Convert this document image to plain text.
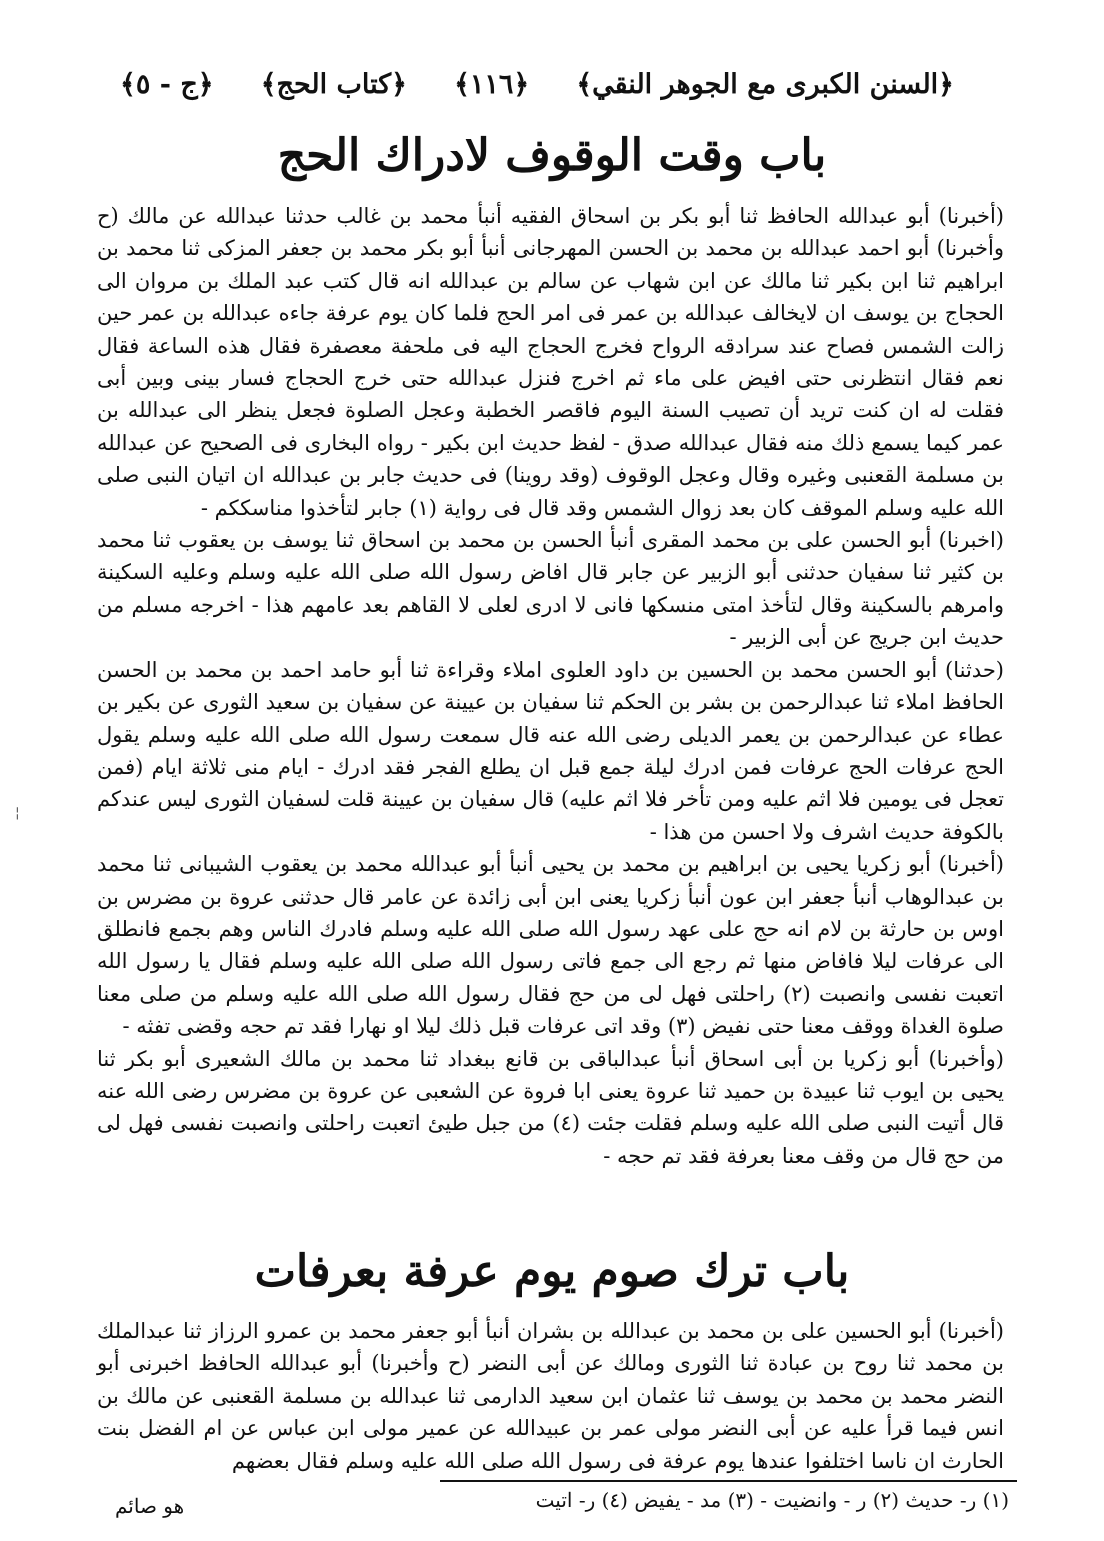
﴿السنن الكبرى مع الجوهر النقي﴾
﴿١١٦﴾
﴿كتاب الحج﴾
﴿ج - ٥﴾
باب وقت الوقوف لادراك الحج

(أخبرنا) أبو عبدالله الحافظ ثنا أبو بكر بن اسحاق الفقيه أنبأ محمد بن غالب حدثنا عبدالله عن مالك (ح وأخبرنا) أبو احمد عبدالله بن محمد بن الحسن المهرجانى أنبأ أبو بكر محمد بن جعفر المزكى ثنا محمد بن ابراهيم ثنا ابن بكير ثنا مالك عن ابن شهاب عن سالم بن عبدالله انه قال كتب عبد الملك بن مروان الى الحجاج بن يوسف ان لايخالف عبدالله بن عمر فى امر الحج فلما كان يوم عرفة جاءه عبدالله بن عمر حين زالت الشمس فصاح عند سرادقه الرواح فخرج الحجاج اليه فى ملحفة معصفرة فقال هذه الساعة فقال نعم فقال انتظرنى حتى افيض على ماء ثم اخرج فنزل عبدالله حتى خرج الحجاج فسار بينى وبين أبى فقلت له ان كنت تريد أن تصيب السنة اليوم فاقصر الخطبة وعجل الصلوة فجعل ينظر الى عبدالله بن عمر كيما يسمع ذلك منه فقال عبدالله صدق - لفظ حديث ابن بكير - رواه البخارى فى الصحيح عن عبدالله بن مسلمة القعنبى وغيره وقال وعجل الوقوف (وقد روينا) فى حديث جابر بن عبدالله ان اتيان النبى صلى الله عليه وسلم الموقف كان بعد زوال الشمس وقد قال فى رواية (١) جابر لتأخذوا مناسككم -

(اخبرنا) أبو الحسن على بن محمد المقرى أنبأ الحسن بن محمد بن اسحاق ثنا يوسف بن يعقوب ثنا محمد بن كثير ثنا سفيان حدثنى أبو الزبير عن جابر قال افاض رسول الله صلى الله عليه وسلم وعليه السكينة وامرهم بالسكينة وقال لتأخذ امتى منسكها فانى لا ادرى لعلى لا القاهم بعد عامهم هذا - اخرجه مسلم من حديث ابن جريج عن أبى الزبير -

(حدثنا) أبو الحسن محمد بن الحسين بن داود العلوى املاء وقراءة ثنا أبو حامد احمد بن محمد بن الحسن الحافظ املاء ثنا عبدالرحمن بن بشر بن الحكم ثنا سفيان بن عيينة عن سفيان بن سعيد الثورى عن بكير بن عطاء عن عبدالرحمن بن يعمر الديلى رضى الله عنه قال سمعت رسول الله صلى الله عليه وسلم يقول الحج عرفات الحج عرفات فمن ادرك ليلة جمع قبل ان يطلع الفجر فقد ادرك - ايام منى ثلاثة ايام (فمن تعجل فى يومين فلا اثم عليه ومن تأخر فلا اثم عليه) قال سفيان بن عيينة قلت لسفيان الثورى ليس عندكم بالكوفة حديث اشرف ولا احسن من هذا -

(أخبرنا) أبو زكريا يحيى بن ابراهيم بن محمد بن يحيى أنبأ أبو عبدالله محمد بن يعقوب الشيبانى ثنا محمد بن عبدالوهاب أنبأ جعفر ابن عون أنبأ زكريا يعنى ابن أبى زائدة عن عامر قال حدثنى عروة بن مضرس بن اوس بن حارثة بن لام انه حج على عهد رسول الله صلى الله عليه وسلم فادرك الناس وهم بجمع فانطلق الى عرفات ليلا فافاض منها ثم رجع الى جمع فاتى رسول الله صلى الله عليه وسلم فقال يا رسول الله اتعبت نفسى وانصبت (٢) راحلتى فهل لى من حج فقال رسول الله صلى الله عليه وسلم من صلى معنا صلوة الغداة ووقف معنا حتى نفيض (٣) وقد اتى عرفات قبل ذلك ليلا او نهارا فقد تم حجه وقضى تفثه -

(وأخبرنا) أبو زكريا بن أبى اسحاق أنبأ عبدالباقى بن قانع ببغداد ثنا محمد بن مالك الشعيرى أبو بكر ثنا يحيى بن ايوب ثنا عبيدة بن حميد ثنا عروة يعنى ابا فروة عن الشعبى عن عروة بن مضرس رضى الله عنه قال أتيت النبى صلى الله عليه وسلم فقلت جئت (٤) من جبل طيئ اتعبت راحلتى وانصبت نفسى فهل لى من حج قال من وقف معنا بعرفة فقد تم حجه -

باب ترك صوم يوم عرفة بعرفات

(أخبرنا) أبو الحسين على بن محمد بن عبدالله بن بشران أنبأ أبو جعفر محمد بن عمرو الرزاز ثنا عبدالملك بن محمد ثنا روح بن عبادة ثنا الثورى ومالك عن أبى النضر (ح وأخبرنا) أبو عبدالله الحافظ اخبرنى أبو النضر محمد بن محمد بن يوسف ثنا عثمان ابن سعيد الدارمى ثنا عبدالله بن مسلمة القعنبى عن مالك بن انس فيما قرأ عليه عن أبى النضر مولى عمر بن عبيدالله عن عمير مولى ابن عباس عن ام الفضل بنت الحارث ان ناسا اختلفوا عندها يوم عرفة فى رسول الله صلى الله عليه وسلم فقال بعضهم

(١) ر- حديث (٢) ر - وانضيت - (٣) مد - يفيض (٤) ر- اتيت
هو صائم
¦
